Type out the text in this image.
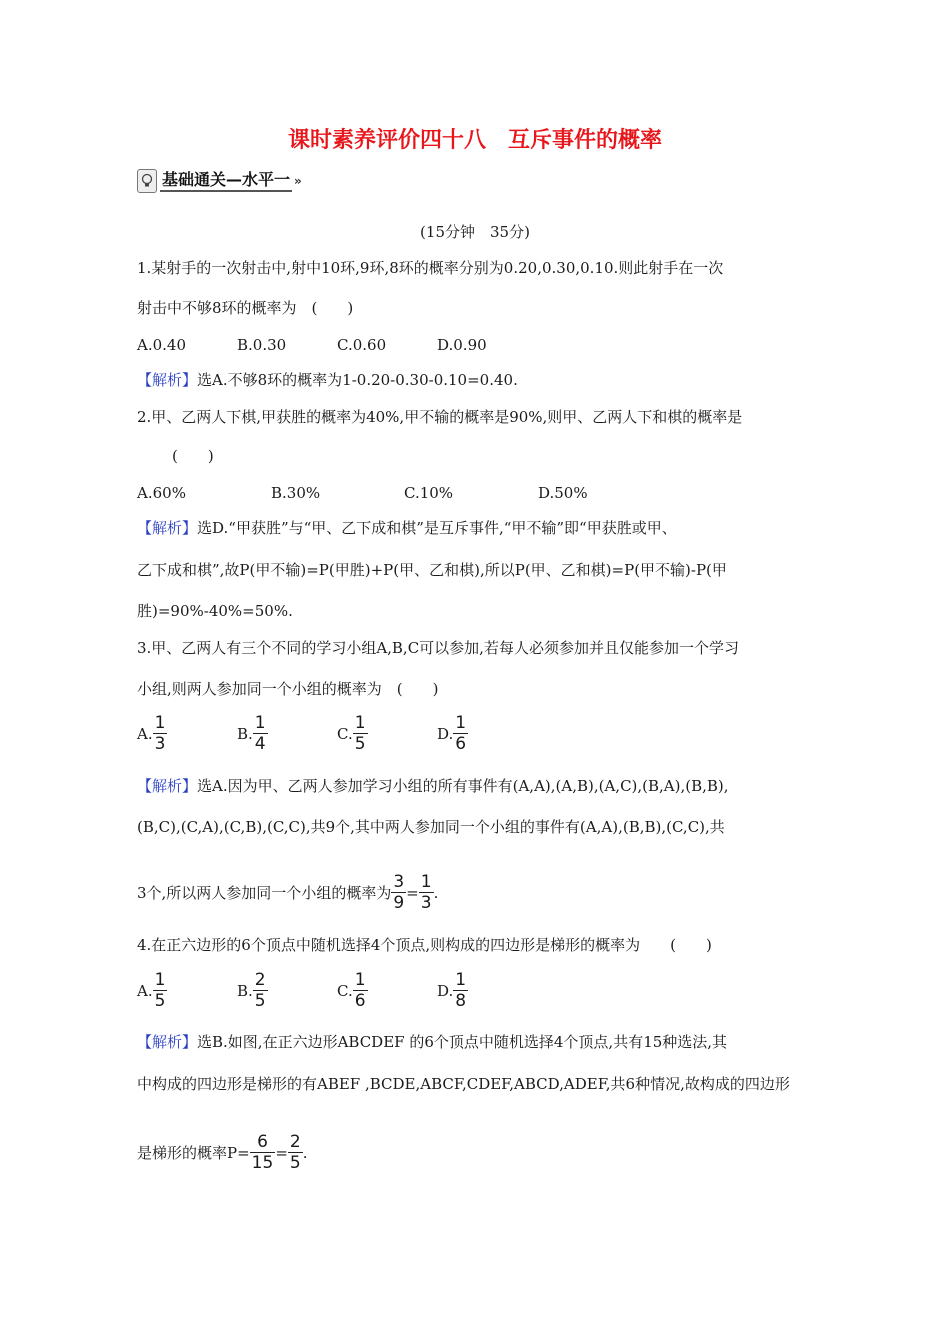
课时素养评价四十八　互斥事件的概率
基础通关—水平一 »
(15分钟　35分)
1.某射手的一次射击中,射中10环,9环,8环的概率分别为0.20,0.30,0.10.则此射手在一次
射击中不够8环的概率为　(　　)
A.0.40	B.0.30	C.0.60	D.0.90
【解析】选A.不够8环的概率为1-0.20-0.30-0.10=0.40.
2.甲、乙两人下棋,甲获胜的概率为40%,甲不输的概率是90%,则甲、乙两人下和棋的概率是
(　　)
A.60%	B.30%	C.10%	D.50%
【解析】选D.“甲获胜”与“甲、乙下成和棋”是互斥事件,“甲不输”即“甲获胜或甲、
乙下成和棋”,故P(甲不输)=P(甲胜)+P(甲、乙和棋),所以P(甲、乙和棋)=P(甲不输)-P(甲
胜)=90%-40%=50%.
3.甲、乙两人有三个不同的学习小组A,B,C可以参加,若每人必须参加并且仅能参加一个学习
小组,则两人参加同一个小组的概率为　(　　)
A. $\frac{1}{3}$	B. $\frac{1}{4}$	C. $\frac{1}{5}$	D. $\frac{1}{6}$
【解析】选A.因为甲、乙两人参加学习小组的所有事件有(A,A),(A,B),(A,C),(B,A),(B,B),
(B,C),(C,A),(C,B),(C,C),共9个,其中两人参加同一个小组的事件有(A,A),(B,B),(C,C),共
3个,所以两人参加同一个小组的概率为 $\frac{3}{9} = \frac{1}{3}$ .
4.在正六边形的6个顶点中随机选择4个顶点,则构成的四边形是梯形的概率为　　(　　)
A. $\frac{1}{5}$	B. $\frac{2}{5}$	C. $\frac{1}{6}$	D. $\frac{1}{8}$
【解析】选B.如图,在正六边形ABCDEF 的6个顶点中随机选择4个顶点,共有15种选法,其
中构成的四边形是梯形的有ABEF ,BCDE,ABCF,CDEF,ABCD,ADEF,共6种情况,故构成的四边形
是梯形的概率$P= \frac{6}{15} = \frac{2}{5}$ .
